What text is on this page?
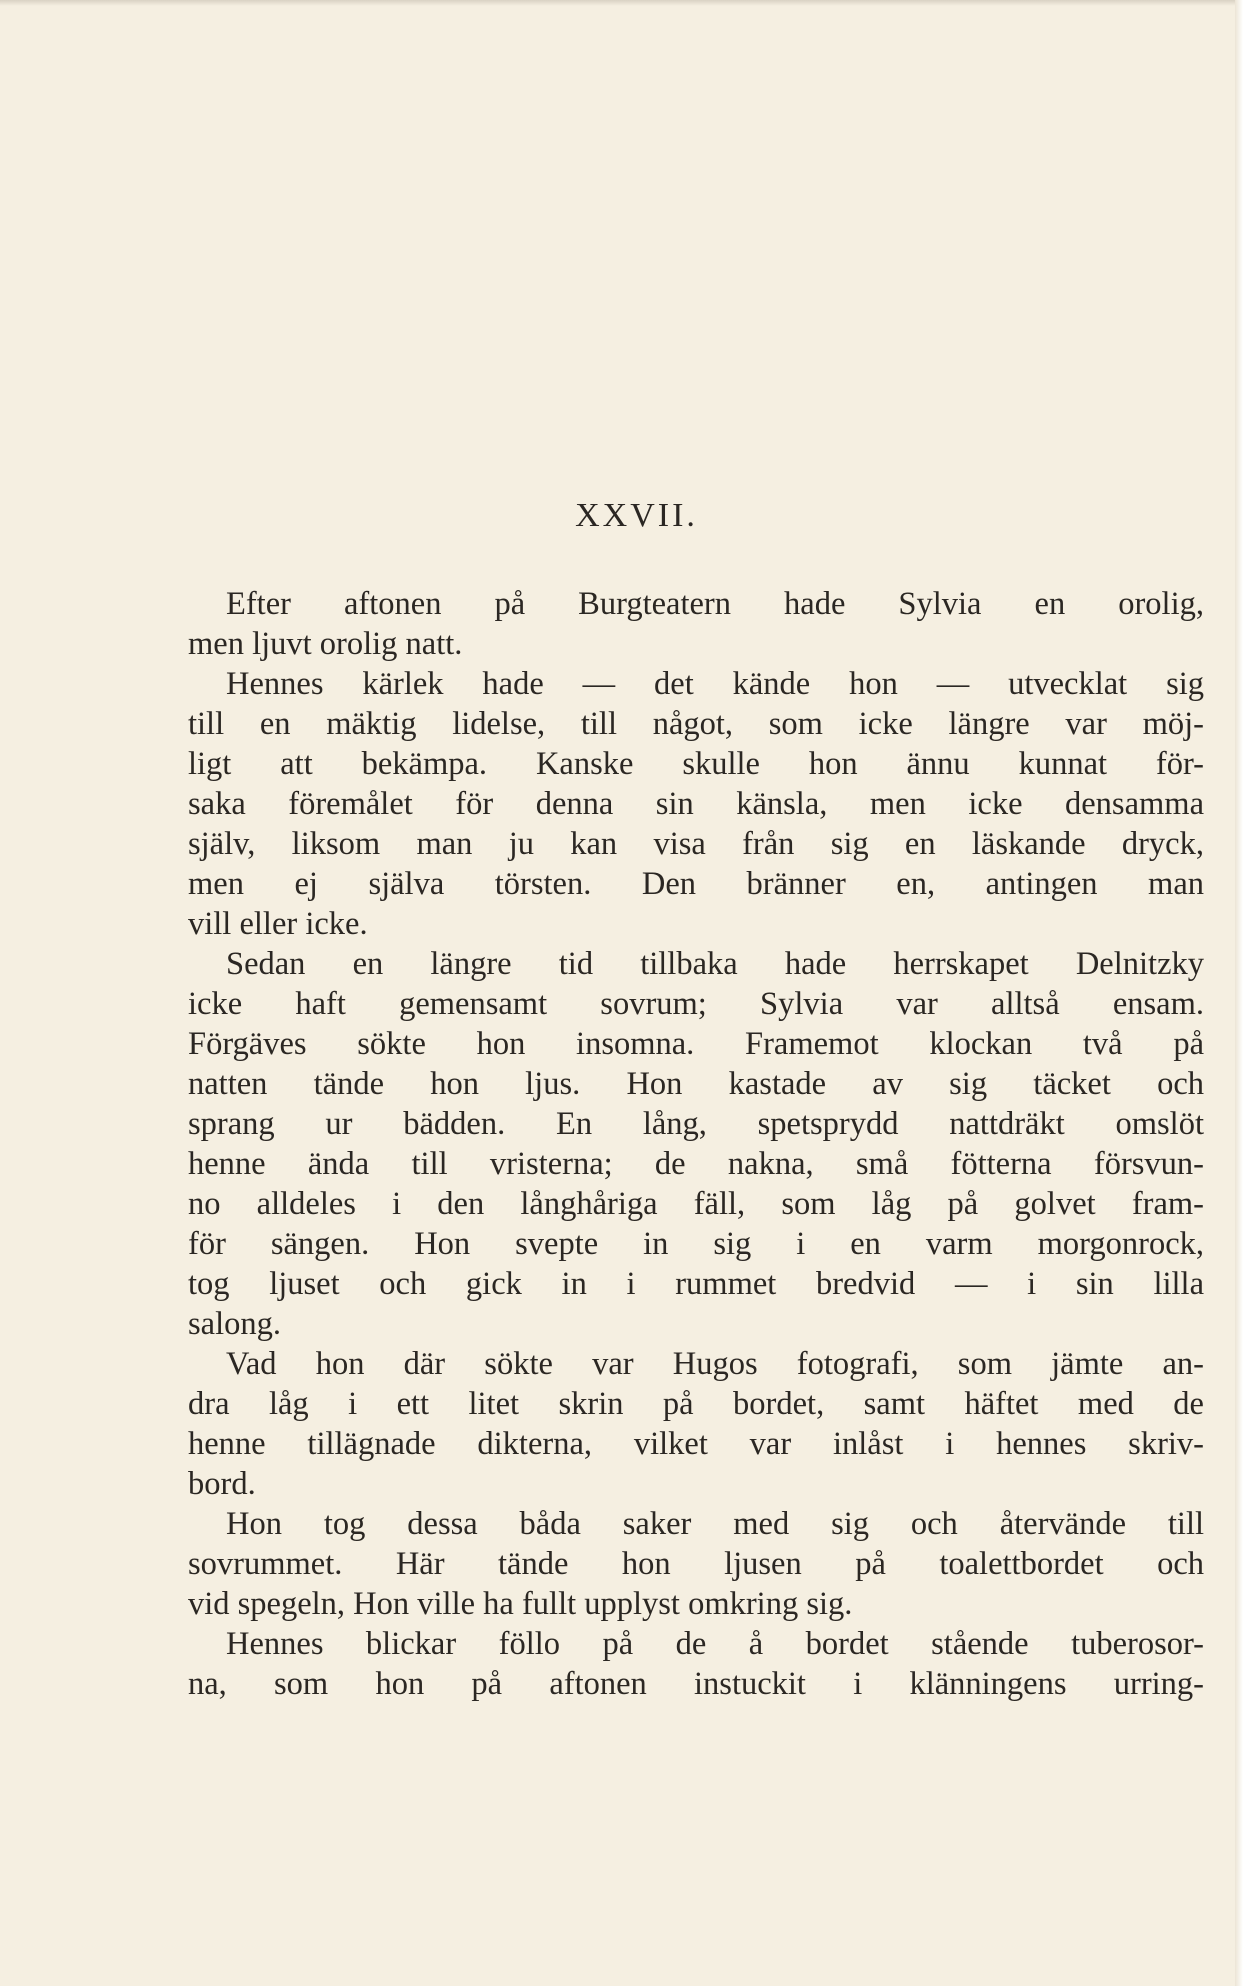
XXVII.
Efter aftonen på Burgteatern hade Sylvia en orolig,
men ljuvt orolig natt.
Hennes kärlek hade — det kände hon — utvecklat sig
till en mäktig lidelse, till något, som icke längre var möj-
ligt att bekämpa. Kanske skulle hon ännu kunnat för-
saka föremålet för denna sin känsla, men icke densamma
själv, liksom man ju kan visa från sig en läskande dryck,
men ej själva törsten. Den bränner en, antingen man
vill eller icke.
Sedan en längre tid tillbaka hade herrskapet Delnitzky
icke haft gemensamt sovrum; Sylvia var alltså ensam.
Förgäves sökte hon insomna. Framemot klockan två på
natten tände hon ljus. Hon kastade av sig täcket och
sprang ur bädden. En lång, spetsprydd nattdräkt omslöt
henne ända till vristerna; de nakna, små fötterna försvun-
no alldeles i den långhåriga fäll, som låg på golvet fram-
för sängen. Hon svepte in sig i en varm morgonrock,
tog ljuset och gick in i rummet bredvid — i sin lilla
salong.
Vad hon där sökte var Hugos fotografi, som jämte an-
dra låg i ett litet skrin på bordet, samt häftet med de
henne tillägnade dikterna, vilket var inlåst i hennes skriv-
bord.
Hon tog dessa båda saker med sig och återvände till
sovrummet. Här tände hon ljusen på toalettbordet och
vid spegeln, Hon ville ha fullt upplyst omkring sig.
Hennes blickar föllo på de å bordet stående tuberosor-
na, som hon på aftonen instuckit i klänningens urring-
